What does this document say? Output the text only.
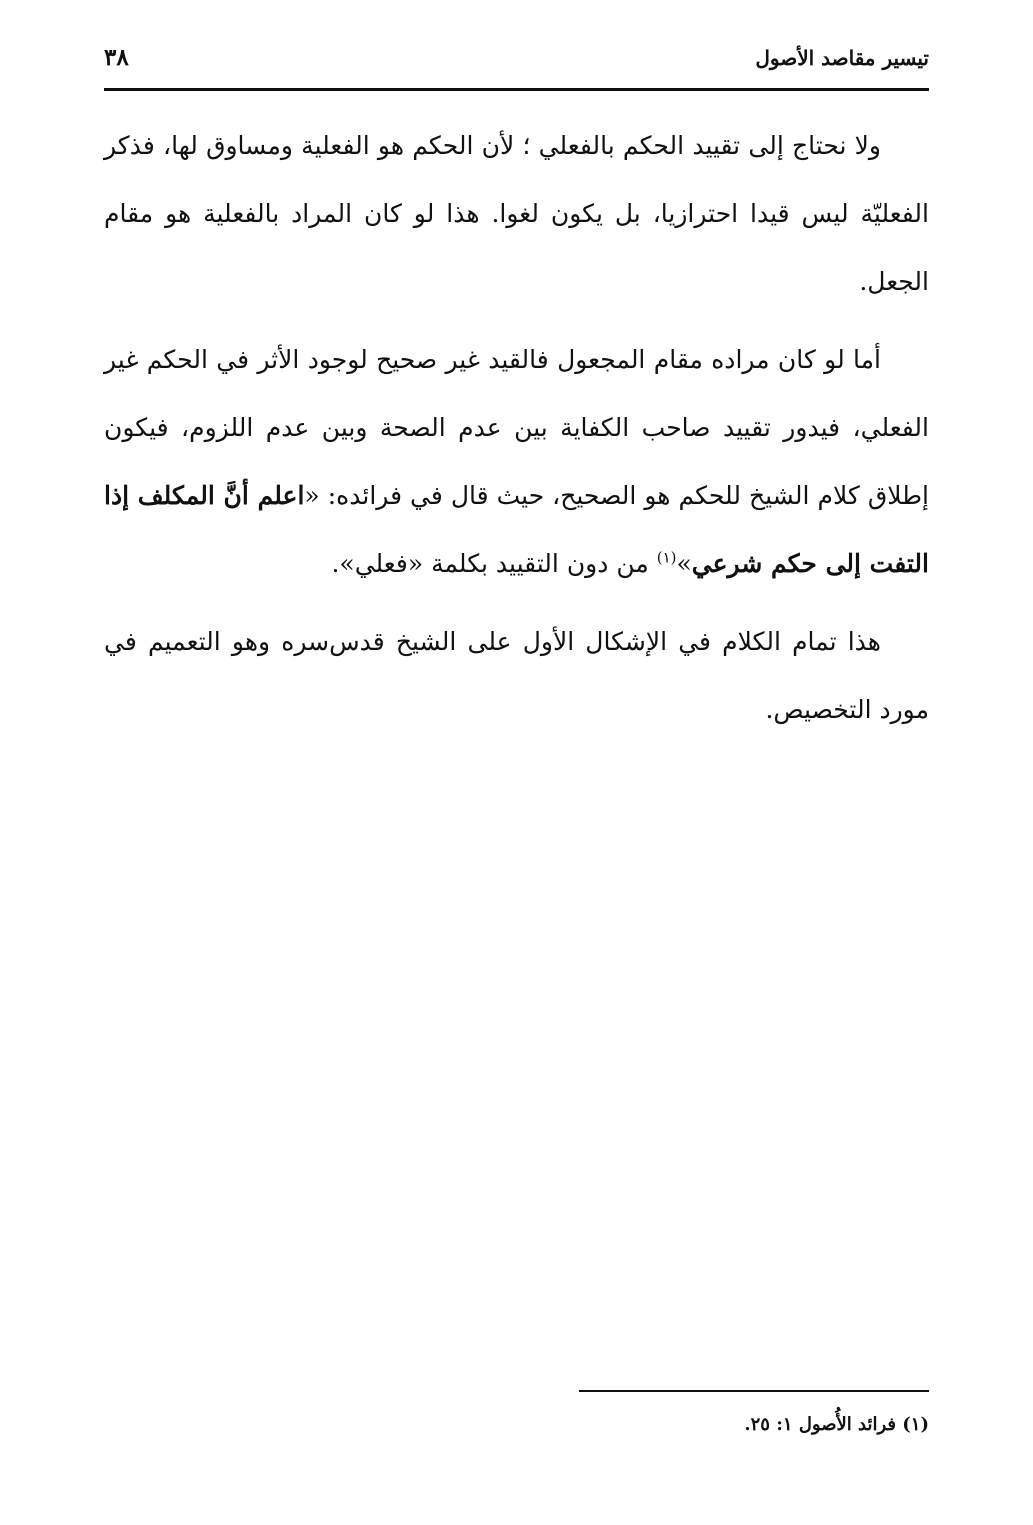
٣٨	تيسير مقاصد الأصول

ولا نحتاج إلى تقييد الحكم بالفعلي ؛ لأن الحكم هو الفعلية ومساوق لها، فذكر الفعليّة ليس قيدا احترازيا، بل يكون لغوا. هذا لو كان المراد بالفعلية هو مقام الجعل.

أما لو كان مراده مقام المجعول فالقيد غير صحيح لوجود الأثر في الحكم غير الفعلي، فيدور تقييد صاحب الكفاية بين عدم الصحة وبين عدم اللزوم، فيكون إطلاق كلام الشيخ للحكم هو الصحيح، حيث قال في فرائده: «اعلم أنَّ المكلف إذا التفت إلى حكم شرعي»$^{(١)}$ من دون التقييد بكلمة «فعلي».

هذا تمام الكلام في الإشكال الأول على الشيخ قدس‌سره وهو التعميم في مورد التخصيص.

(١) فرائد الأُصول ١: ٢٥.
